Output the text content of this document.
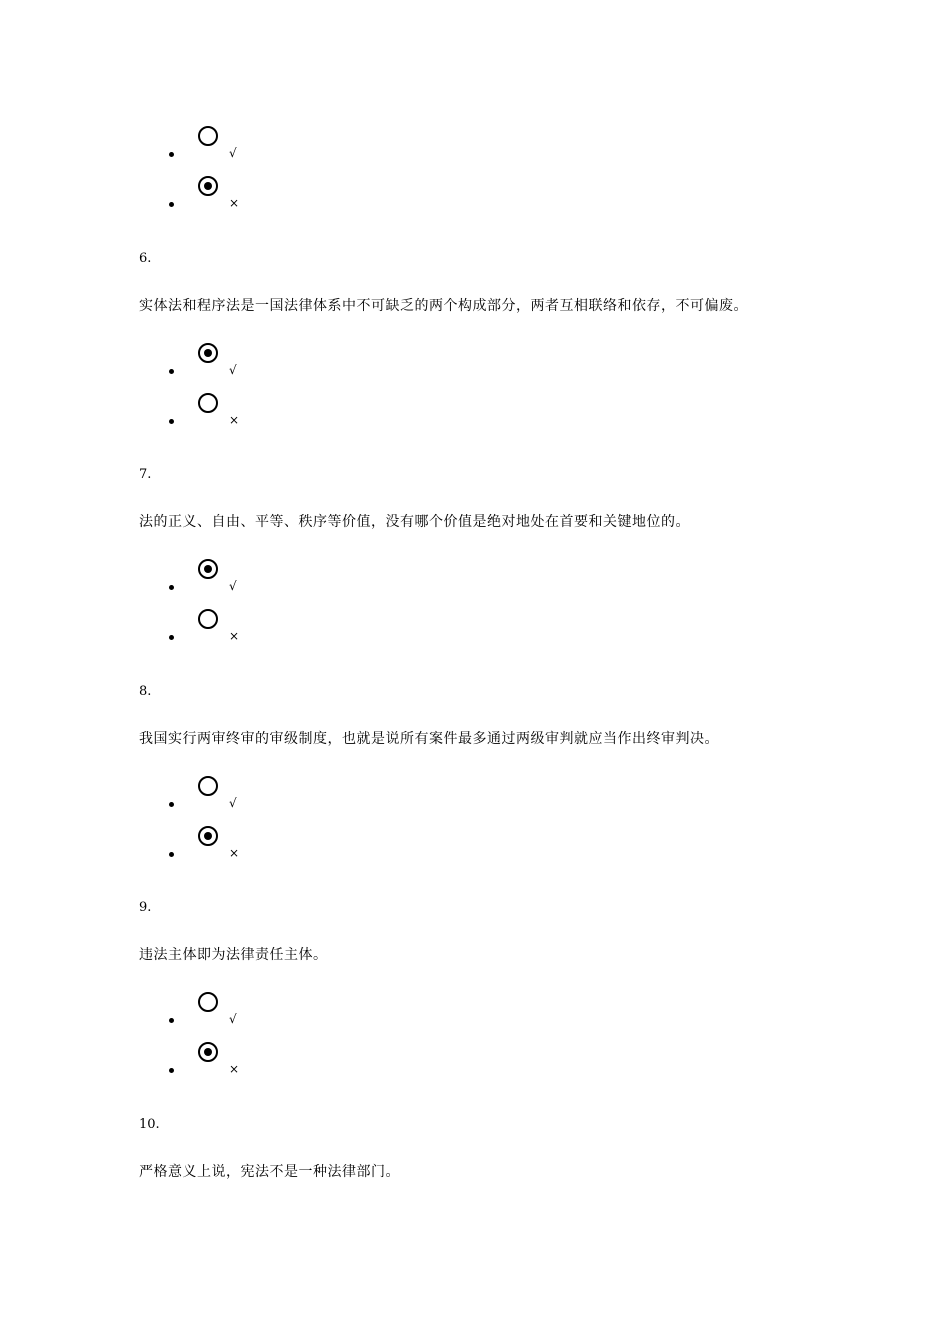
√
×
6.
实体法和程序法是一国法律体系中不可缺乏的两个构成部分，两者互相联络和依存，不可偏废。
√
×
7.
法的正义、自由、平等、秩序等价值，没有哪个价值是绝对地处在首要和关键地位的。
√
×
8.
我国实行两审终审的审级制度，也就是说所有案件最多通过两级审判就应当作出终审判决。
√
×
9.
违法主体即为法律责任主体。
√
×
10.
严格意义上说，宪法不是一种法律部门。
